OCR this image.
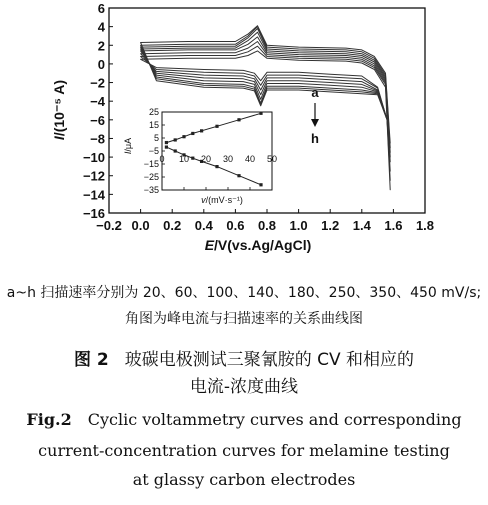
−0.2 0.0 0.2 0.4 0.6 0.8 1.0 1.2 1.4 1.6 1.8
6
4
2
0
−2
−4
−6
−8
−10
−12
−14
−16
E/V(vs.Ag/AgCl)
I/(10⁻⁵ A)	a
h
0 10 20 30 40 50
25
15
5
−5
−15
−25
−35
v/(mV·s⁻¹)
I/μA
a~h 扫描速率分别为 20、60、100、140、180、250、350、450 mV/s;
角图为峰电流与扫描速率的关系曲线图
图 2 玻碳电极测试三聚氰胺的 CV 和相应的
电流-浓度曲线
Fig.2 Cyclic voltammetry curves and corresponding
current-concentration curves for melamine testing
at glassy carbon electrodes
